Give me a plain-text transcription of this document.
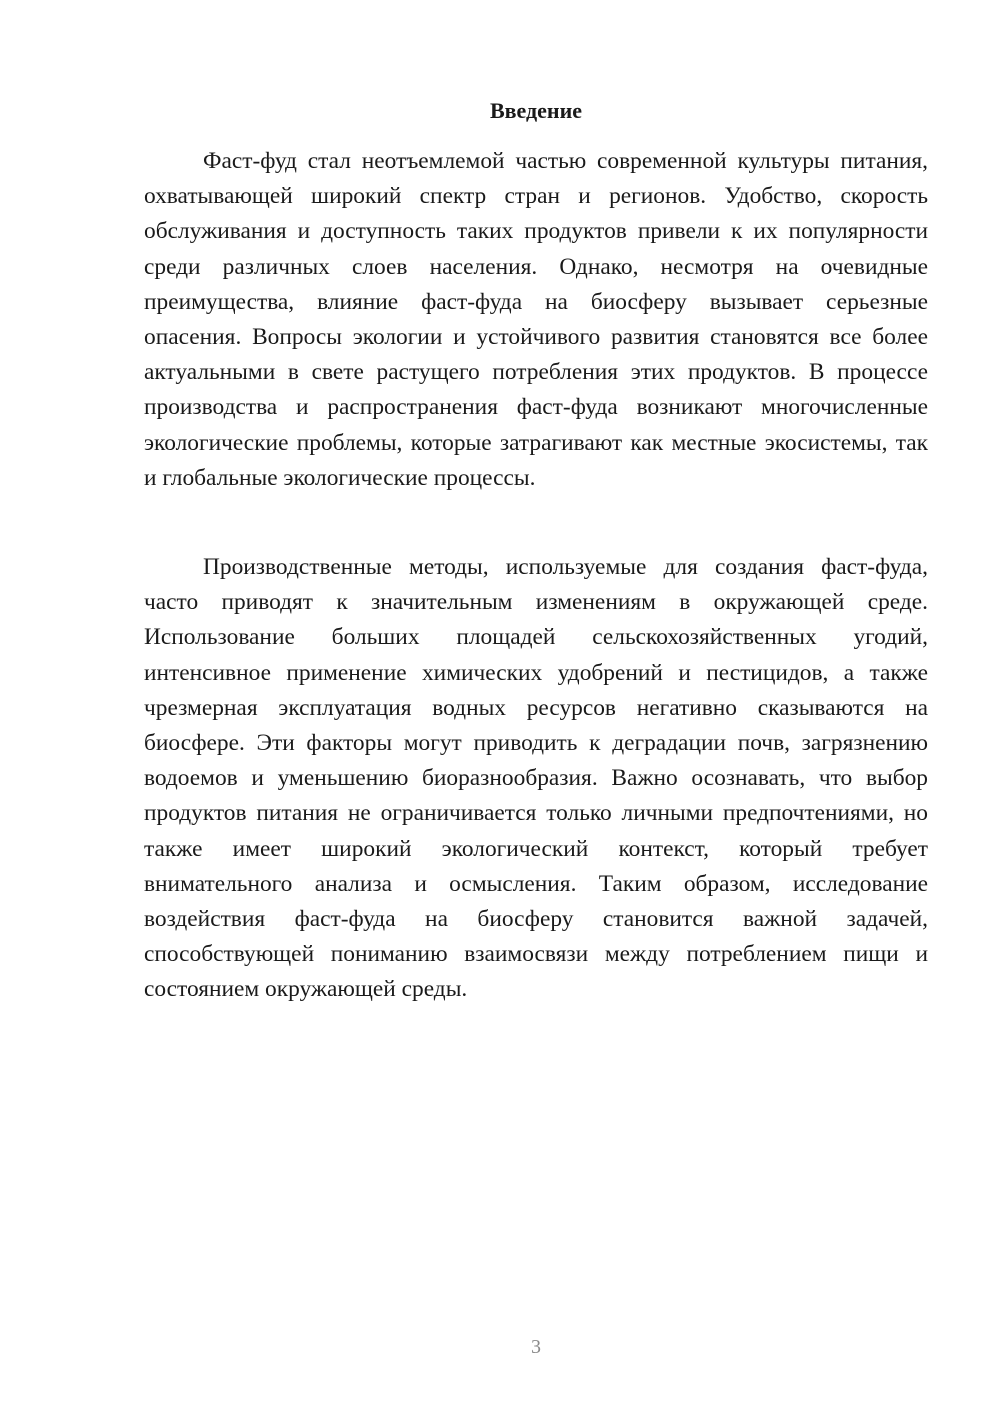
Введение

Фаст-фуд стал неотъемлемой частью современной культуры питания, охватывающей широкий спектр стран и регионов. Удобство, скорость обслуживания и доступность таких продуктов привели к их популярности среди различных слоев населения. Однако, несмотря на очевидные преимущества, влияние фаст-фуда на биосферу вызывает серьезные опасения. Вопросы экологии и устойчивого развития становятся все более актуальными в свете растущего потребления этих продуктов. В процессе производства и распространения фаст-фуда возникают многочисленные экологические проблемы, которые затрагивают как местные экосистемы, так и глобальные экологические процессы.

Производственные методы, используемые для создания фаст-фуда, часто приводят к значительным изменениям в окружающей среде. Использование больших площадей сельскохозяйственных угодий, интенсивное применение химических удобрений и пестицидов, а также чрезмерная эксплуатация водных ресурсов негативно сказываются на биосфере. Эти факторы могут приводить к деградации почв, загрязнению водоемов и уменьшению биоразнообразия. Важно осознавать, что выбор продуктов питания не ограничивается только личными предпочтениями, но также имеет широкий экологический контекст, который требует внимательного анализа и осмысления. Таким образом, исследование воздействия фаст-фуда на биосферу становится важной задачей, способствующей пониманию взаимосвязи между потреблением пищи и состоянием окружающей среды.

3
